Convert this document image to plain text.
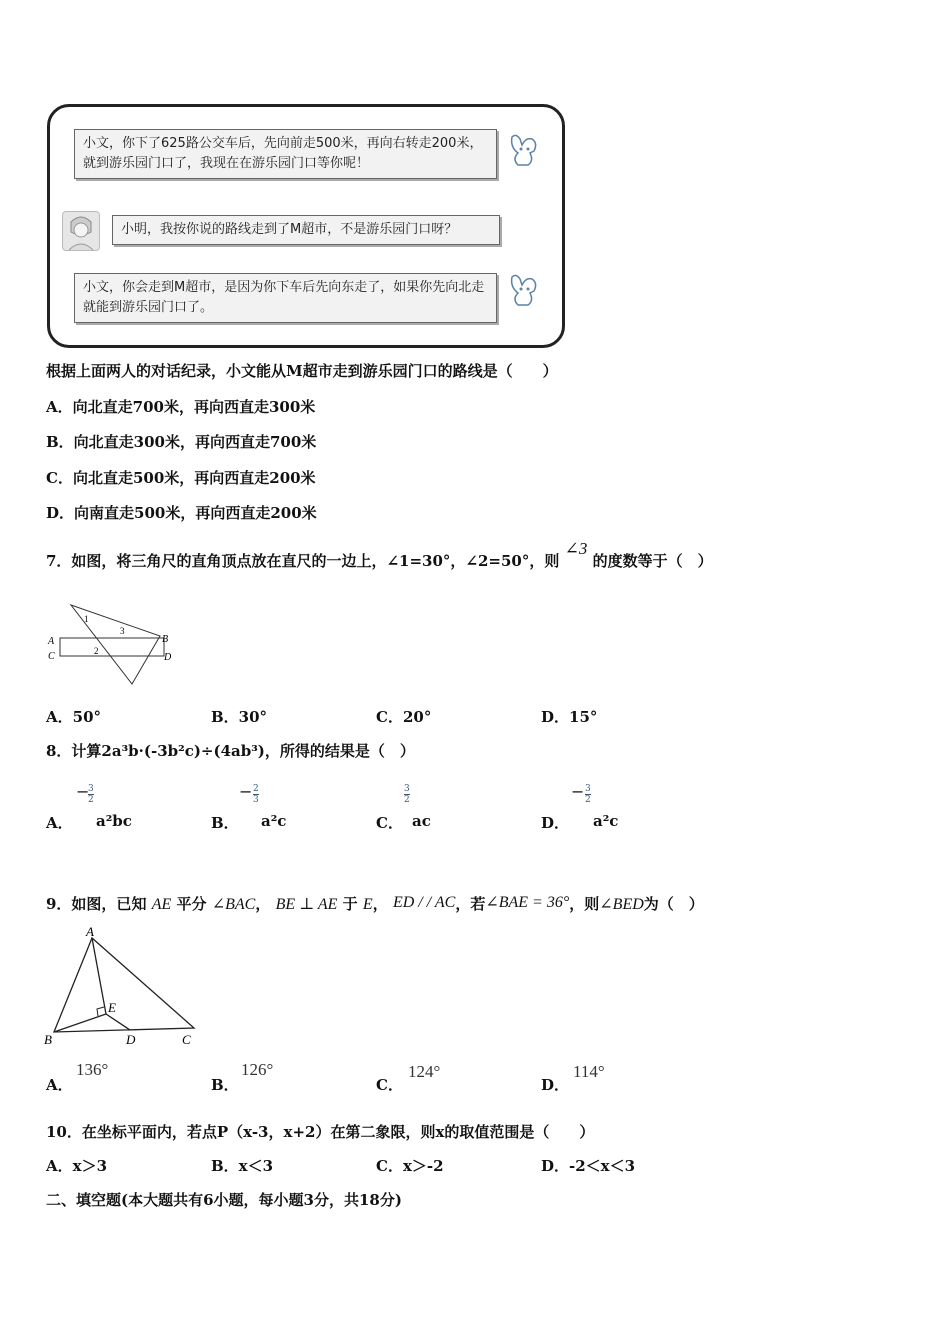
小文，你下了625路公交车后，先向前走500米，再向右转走200米，就到游乐园门口了，我现在在游乐园门口等你呢！
小明，我按你说的路线走到了M超市，不是游乐园门口呀？
小文，你会走到M超市，是因为你下车后先向东走了，如果你先向北走就能到游乐园门口了。
根据上面两人的对话纪录，小文能从M超市走到游乐园门口的路线是（　　）
A．向北直走700米，再向西直走300米
B．向北直走300米，再向西直走700米
C．向北直走500米，再向西直走200米
D．向南直走500米，再向西直走200米
7．如图，将三角尺的直角顶点放在直尺的一边上，∠1=30°，∠2=50°，则 ∠3 的度数等于（　）
A
C
B
D
1
3
2
A．50°	B．30°	C．20°	D．15°
8．计算2a³b·(-3b²c)÷(4ab³)，所得的结果是（　）
A．
−
$\frac{3}{2}$
a²bc	B．
− $\frac{2}{3}$
a²c	C．
$\frac{3}{2}$
ac	D．
− $\frac{3}{2}$
a²c
9．如图，已知 AE 平分 ∠BAC， BE ⊥ AE 于 E， ED / / AC，若∠BAE = 36°，则∠BED为（　）
A
B	D	C
E
A．
136°
B．
126°
C．
124°
D．
114°
10．在坐标平面内，若点P（x-3，x+2）在第二象限，则x的取值范围是（　　）
A．x＞3	B．x＜3	C．x＞-2	D．-2＜x＜3
二、填空题(本大题共有6小题，每小题3分，共18分)
